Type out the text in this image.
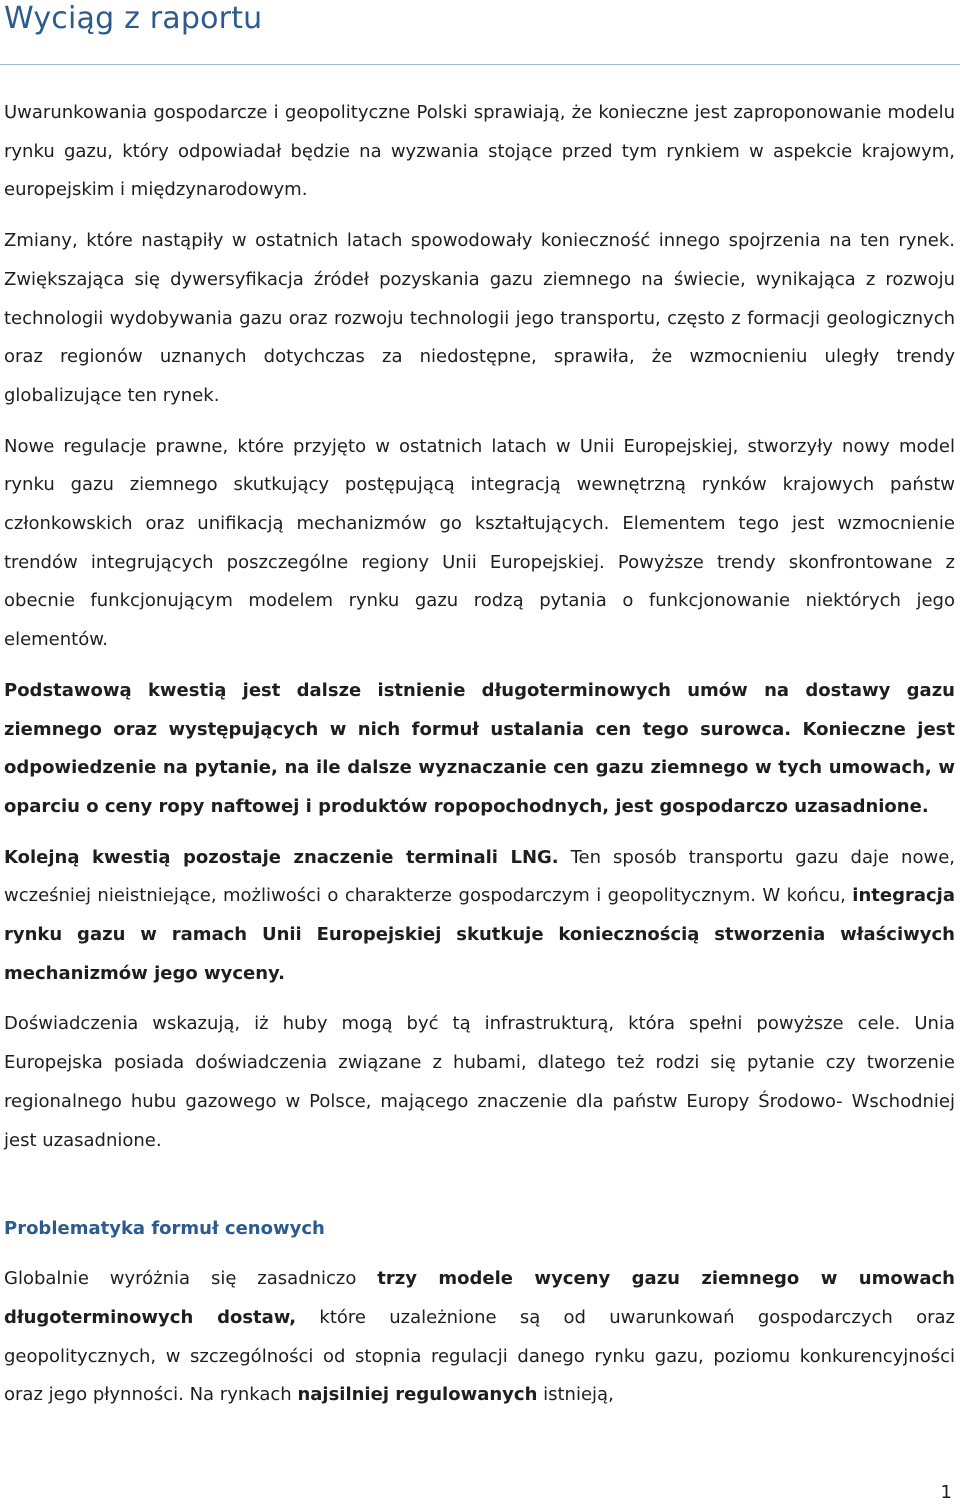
Wyciąg z raportu

Uwarunkowania gospodarcze i geopolityczne Polski sprawiają, że konieczne jest zaproponowanie modelu rynku gazu, który odpowiadał będzie na wyzwania stojące przed tym rynkiem w aspekcie krajowym, europejskim i międzynarodowym.

Zmiany, które nastąpiły w ostatnich latach spowodowały konieczność innego spojrzenia na ten rynek. Zwiększająca się dywersyfikacja źródeł pozyskania gazu ziemnego na świecie, wynikająca z rozwoju technologii wydobywania gazu oraz rozwoju technologii jego transportu, często z formacji geologicznych oraz regionów uznanych dotychczas za niedostępne, sprawiła, że wzmocnieniu uległy trendy globalizujące ten rynek.

Nowe regulacje prawne, które przyjęto w ostatnich latach w Unii Europejskiej, stworzyły nowy model rynku gazu ziemnego skutkujący postępującą integracją wewnętrzną rynków krajowych państw członkowskich oraz unifikacją mechanizmów go kształtujących. Elementem tego jest wzmocnienie trendów integrujących poszczególne regiony Unii Europejskiej. Powyższe trendy skonfrontowane z obecnie funkcjonującym modelem rynku gazu rodzą pytania o funkcjonowanie niektórych jego elementów.

Podstawową kwestią jest dalsze istnienie długoterminowych umów na dostawy gazu ziemnego oraz występujących w nich formuł ustalania cen tego surowca. Konieczne jest odpowiedzenie na pytanie, na ile dalsze wyznaczanie cen gazu ziemnego w tych umowach, w oparciu o ceny ropy naftowej i produktów ropopochodnych, jest gospodarczo uzasadnione.

Kolejną kwestią pozostaje znaczenie terminali LNG. Ten sposób transportu gazu daje nowe, wcześniej nieistniejące, możliwości o charakterze gospodarczym i geopolitycznym. W końcu, integracja rynku gazu w ramach Unii Europejskiej skutkuje koniecznością stworzenia właściwych mechanizmów jego wyceny.

Doświadczenia wskazują, iż huby mogą być tą infrastrukturą, która spełni powyższe cele. Unia Europejska posiada doświadczenia związane z hubami, dlatego też rodzi się pytanie czy tworzenie regionalnego hubu gazowego w Polsce, mającego znaczenie dla państw Europy Środowo- Wschodniej jest uzasadnione.

Problematyka formuł cenowych

Globalnie wyróżnia się zasadniczo trzy modele wyceny gazu ziemnego w umowach długoterminowych dostaw, które uzależnione są od uwarunkowań gospodarczych oraz geopolitycznych, w szczególności od stopnia regulacji danego rynku gazu, poziomu konkurencyjności oraz jego płynności. Na rynkach najsilniej regulowanych istnieją,

1
